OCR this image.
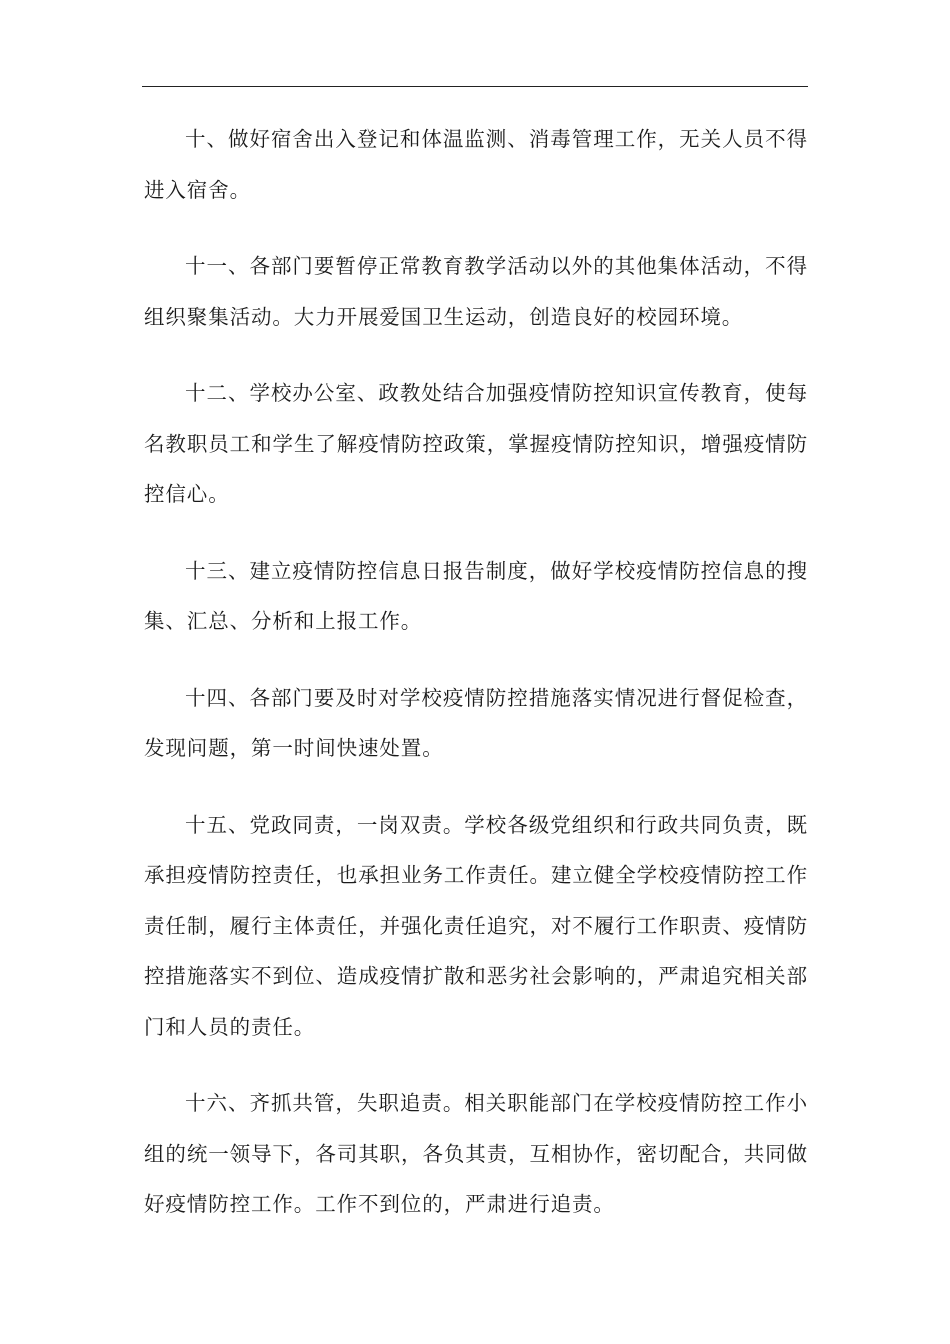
十、做好宿舍出入登记和体温监测、消毒管理工作，无关人员不得进入宿舍。

十一、各部门要暂停正常教育教学活动以外的其他集体活动，不得组织聚集活动。大力开展爱国卫生运动，创造良好的校园环境。

十二、学校办公室、政教处结合加强疫情防控知识宣传教育，使每名教职员工和学生了解疫情防控政策，掌握疫情防控知识，增强疫情防控信心。

十三、建立疫情防控信息日报告制度，做好学校疫情防控信息的搜集、汇总、分析和上报工作。

十四、各部门要及时对学校疫情防控措施落实情况进行督促检查，发现问题，第一时间快速处置。

十五、党政同责，一岗双责。学校各级党组织和行政共同负责，既承担疫情防控责任，也承担业务工作责任。建立健全学校疫情防控工作责任制，履行主体责任，并强化责任追究，对不履行工作职责、疫情防控措施落实不到位、造成疫情扩散和恶劣社会影响的，严肃追究相关部门和人员的责任。

十六、齐抓共管，失职追责。相关职能部门在学校疫情防控工作小组的统一领导下，各司其职，各负其责，互相协作，密切配合，共同做好疫情防控工作。工作不到位的，严肃进行追责。
